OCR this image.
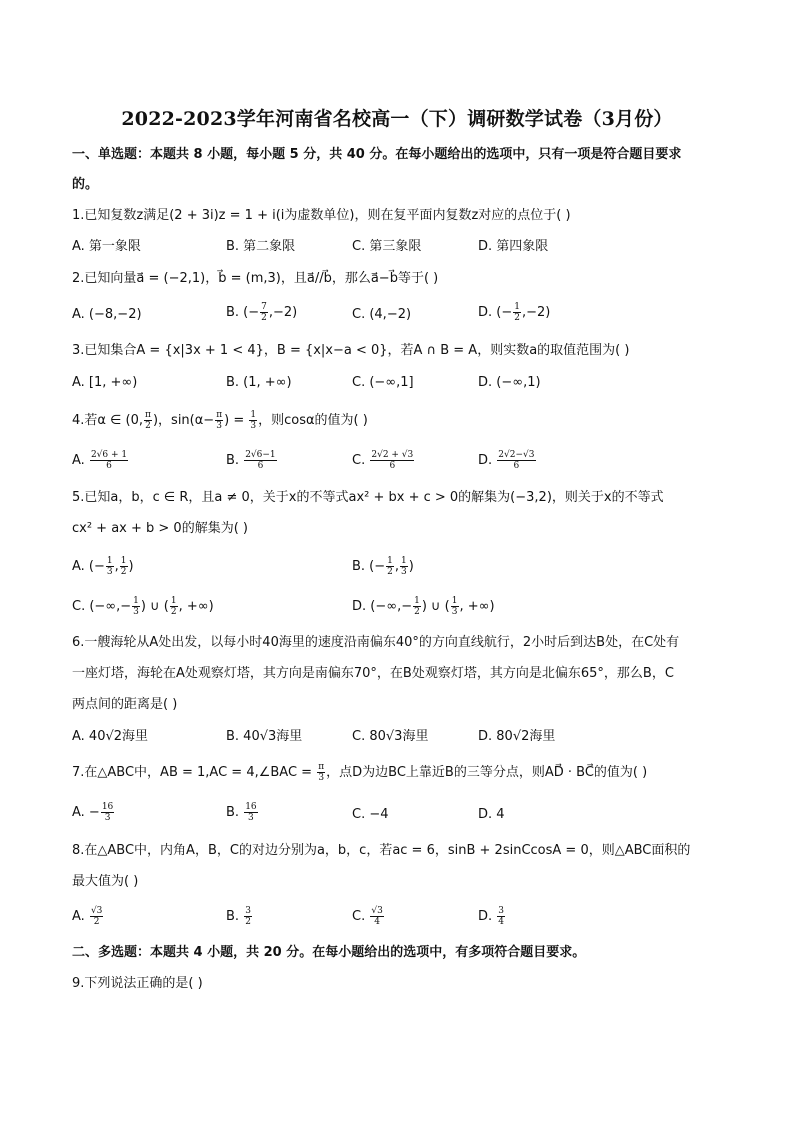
2022-2023学年河南省名校高一（下）调研数学试卷（3月份）
一、单选题：本题共 8 小题，每小题 5 分，共 40 分。在每小题给出的选项中，只有一项是符合题目要求
的。
1.已知复数z满足(2 + 3i)z = 1 + i(i为虚数单位)，则在复平面内复数z对应的点位于( )
A. 第一象限	B. 第二象限	C. 第三象限	D. 第四象限
2.已知向量a⃗ = (−2,1)，b⃗ = (m,3)，且a⃗//b⃗，那么a⃗−b⃗等于( )
A. (−8,−2)	B. (− $\frac{7}{2} ,-2$)	C. (4,−2)	D. (− $\frac{1}{2} ,-2$)
3.已知集合A = {x|3x + 1 < 4}，B = {x|x−a < 0}，若A ∩ B = A，则实数a的取值范围为( )
A. [1, +∞)	B. (1, +∞)	C. (−∞,1]	D. (−∞,1)
4.若α ∈ (0, $\frac{\pi}{2}$ )，$\sin(\alpha- \frac{\pi}{3}$ ) = $\frac{1}{3}$ ，则cosα的值为( )
A. $\frac{2√6 + 1}{6}$	B. $\frac{2√6-1}{6}$	C. $\frac{2√2 + √3}{6}$	D. $\frac{2√2-√3}{6}$
5.已知a，b，c ∈ R，且a ≠ 0，关于x的不等式ax² + bx + c > 0的解集为(−3,2)，则关于x的不等式
cx² + ax + b > 0的解集为( )
A. (− $\frac{1}{3}$ , $\frac{1}{2}$ )	B. (− $\frac{1}{2}$ , $\frac{1}{3}$ )
C. (−∞,− $\frac{1}{3}$ ) ∪ ( $\frac{1}{2}$ , +∞)	D. (−∞,− $\frac{1}{2}$ ) ∪ ( $\frac{1}{3}$ , +∞)
6.一艘海轮从A处出发，以每小时40海里的速度沿南偏东40°的方向直线航行，2小时后到达B处，在C处有
一座灯塔，海轮在A处观察灯塔，其方向是南偏东70°，在B处观察灯塔，其方向是北偏东65°，那么B，C
两点间的距离是( )
A. 40√2海里	B. 40√3海里	C. 80√3海里	D. 80√2海里
7.在△ABC中，AB = 1,AC = 4,∠BAC = $\frac{\pi}{3}$ ，点D为边BC上靠近B的三等分点，则AD⃗ · BC⃗的值为( )
A. − $\frac{16}{3}$	B. $\frac{16}{3}$	C. −4	D. 4
8.在△ABC中，内角A，B，C的对边分别为a，b，c，若ac = 6，sinB + 2sinCcosA = 0，则△ABC面积的
最大值为( )
A. $\frac{√3}{2}$	B. $\frac{3}{2}$	C. $\frac{√3}{4}$	D. $\frac{3}{4}$
二、多选题：本题共 4 小题，共 20 分。在每小题给出的选项中，有多项符合题目要求。
9.下列说法正确的是( )
